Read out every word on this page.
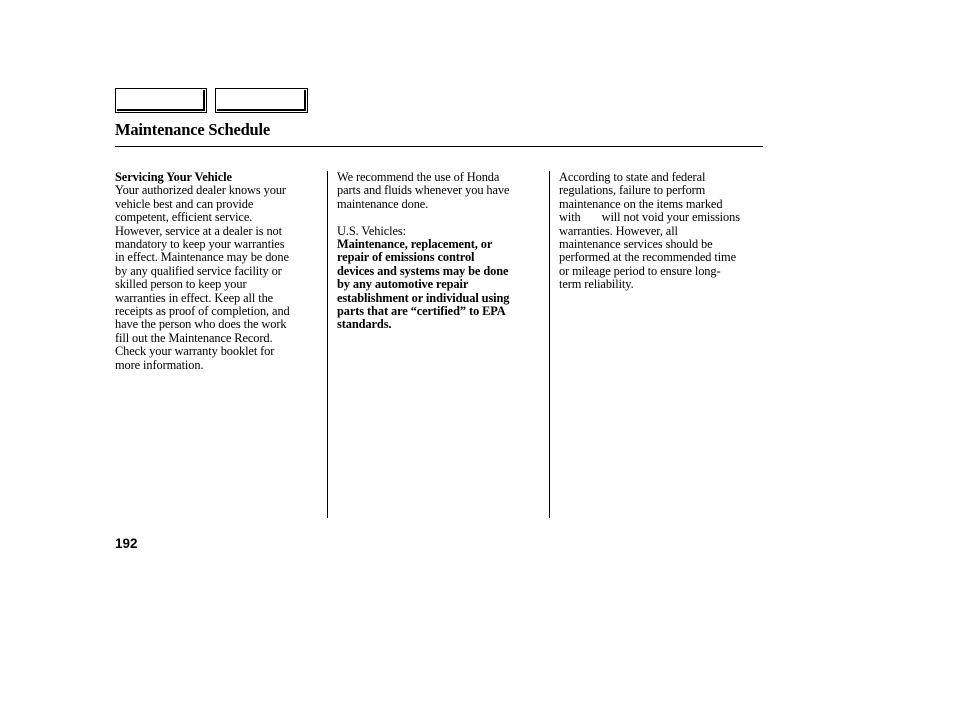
Maintenance Schedule
Servicing Your Vehicle
Your authorized dealer knows your
vehicle best and can provide
competent, efficient service.
However, service at a dealer is not
mandatory to keep your warranties
in effect. Maintenance may be done
by any qualified service facility or
skilled person to keep your
warranties in effect. Keep all the
receipts as proof of completion, and
have the person who does the work
fill out the Maintenance Record.
Check your warranty booklet for
more information.
We recommend the use of Honda
parts and fluids whenever you have
maintenance done.
U.S. Vehicles:
Maintenance, replacement, or
repair of emissions control
devices and systems may be done
by any automotive repair
establishment or individual using
parts that are “certified” to EPA
standards.
According to state and federal
regulations, failure to perform
maintenance on the items marked
with       will not void your emissions
warranties. However, all
maintenance services should be
performed at the recommended time
or mileage period to ensure long-
term reliability.
192
